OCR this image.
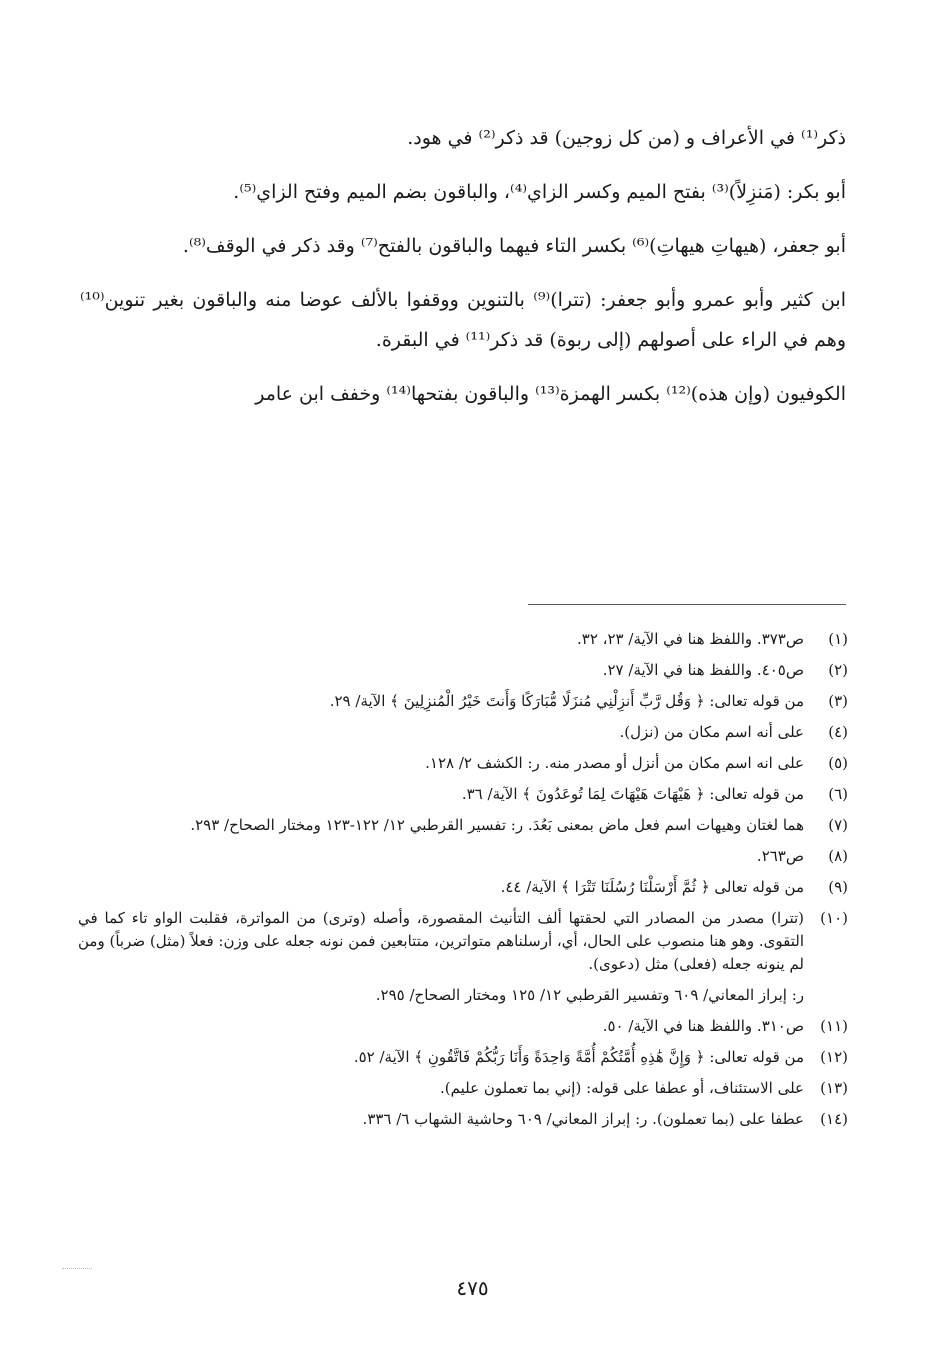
ذكر⁽¹⁾ في الأعراف و (من كل زوجين) قد ذكر⁽²⁾ في هود.

أبو بكر: (مَنزِلاً)⁽³⁾ بفتح الميم وكسر الزاي⁽⁴⁾، والباقون بضم الميم وفتح الزاي⁽⁵⁾.

أبو جعفر، (هيهاتِ هيهاتِ)⁽⁶⁾ بكسر التاء فيهما والباقون بالفتح⁽⁷⁾ وقد ذكر في الوقف⁽⁸⁾.

ابن كثير وأبو عمرو وأبو جعفر: (تترا)⁽⁹⁾ بالتنوين ووقفوا بالألف عوضا منه والباقون بغير تنوين⁽¹⁰⁾ وهم في الراء على أصولهم (إلى ربوة) قد ذكر⁽¹¹⁾ في البقرة.

الكوفيون (وإن هذه)⁽¹²⁾ بكسر الهمزة⁽¹³⁾ والباقون بفتحها⁽¹⁴⁾ وخفف ابن عامر

(١)
ص٣٧٣. واللفظ هنا في الآية/ ٢٣، ٣٢.
(٢)
ص٤٠٥. واللفظ هنا في الآية/ ٢٧.
(٣)
من قوله تعالى: ﴿ وَقُل رَّبِّ أَنزِلْنِي مُنزَلًا مُّبَارَكًا وَأَنتَ خَيْرُ الْمُنزِلِينَ ﴾ الآية/ ٢٩.
(٤)
على أنه اسم مكان من (نزل).
(٥)
على انه اسم مكان من أنزل أو مصدر منه. ر: الكشف ٢/ ١٢٨.
(٦)
من قوله تعالى: ﴿ هَيْهَاتَ هَيْهَاتَ لِمَا تُوعَدُونَ ﴾ الآية/ ٣٦.
(٧)
هما لغتان وهيهات اسم فعل ماض بمعنى بَعُدَ. ر: تفسير القرطبي ١٢/ ١٢٢-١٢٣ ومختار الصحاح/ ٢٩٣.
(٨)
ص٢٦٣.
(٩)
من قوله تعالى ﴿ ثُمَّ أَرْسَلْنَا رُسُلَنَا تَتْرَا ﴾ الآية/ ٤٤.
(١٠)
(تترا) مصدر من المصادر التي لحقتها ألف التأنيث المقصورة، وأصله (وترى) من المواترة، فقلبت الواو تاء كما في التقوى. وهو هنا منصوب على الحال، أي، أرسلناهم متواترين، متتابعين فمن نونه جعله على وزن: فعلاً (مثل) ضرباً) ومن لم ينونه جعله (فعلى) مثل (دعوى).
ر: إبراز المعاني/ ٦٠٩ وتفسير القرطبي ١٢/ ١٢٥ ومختار الصحاح/ ٢٩٥.
(١١)
ص٣١٠. واللفظ هنا في الآية/ ٥٠.
(١٢)
من قوله تعالى: ﴿ وَإِنَّ هَٰذِهِ أُمَّتُكُمْ أُمَّةً وَاحِدَةً وَأَنَا رَبُّكُمْ فَاتَّقُونِ ﴾ الآية/ ٥٢.
(١٣)
على الاستئناف، أو عطفا على قوله: (إني بما تعملون عليم).
(١٤)
عطفا على (بما تعملون). ر: إبراز المعاني/ ٦٠٩ وحاشية الشهاب ٦/ ٣٣٦.
٤٧٥
